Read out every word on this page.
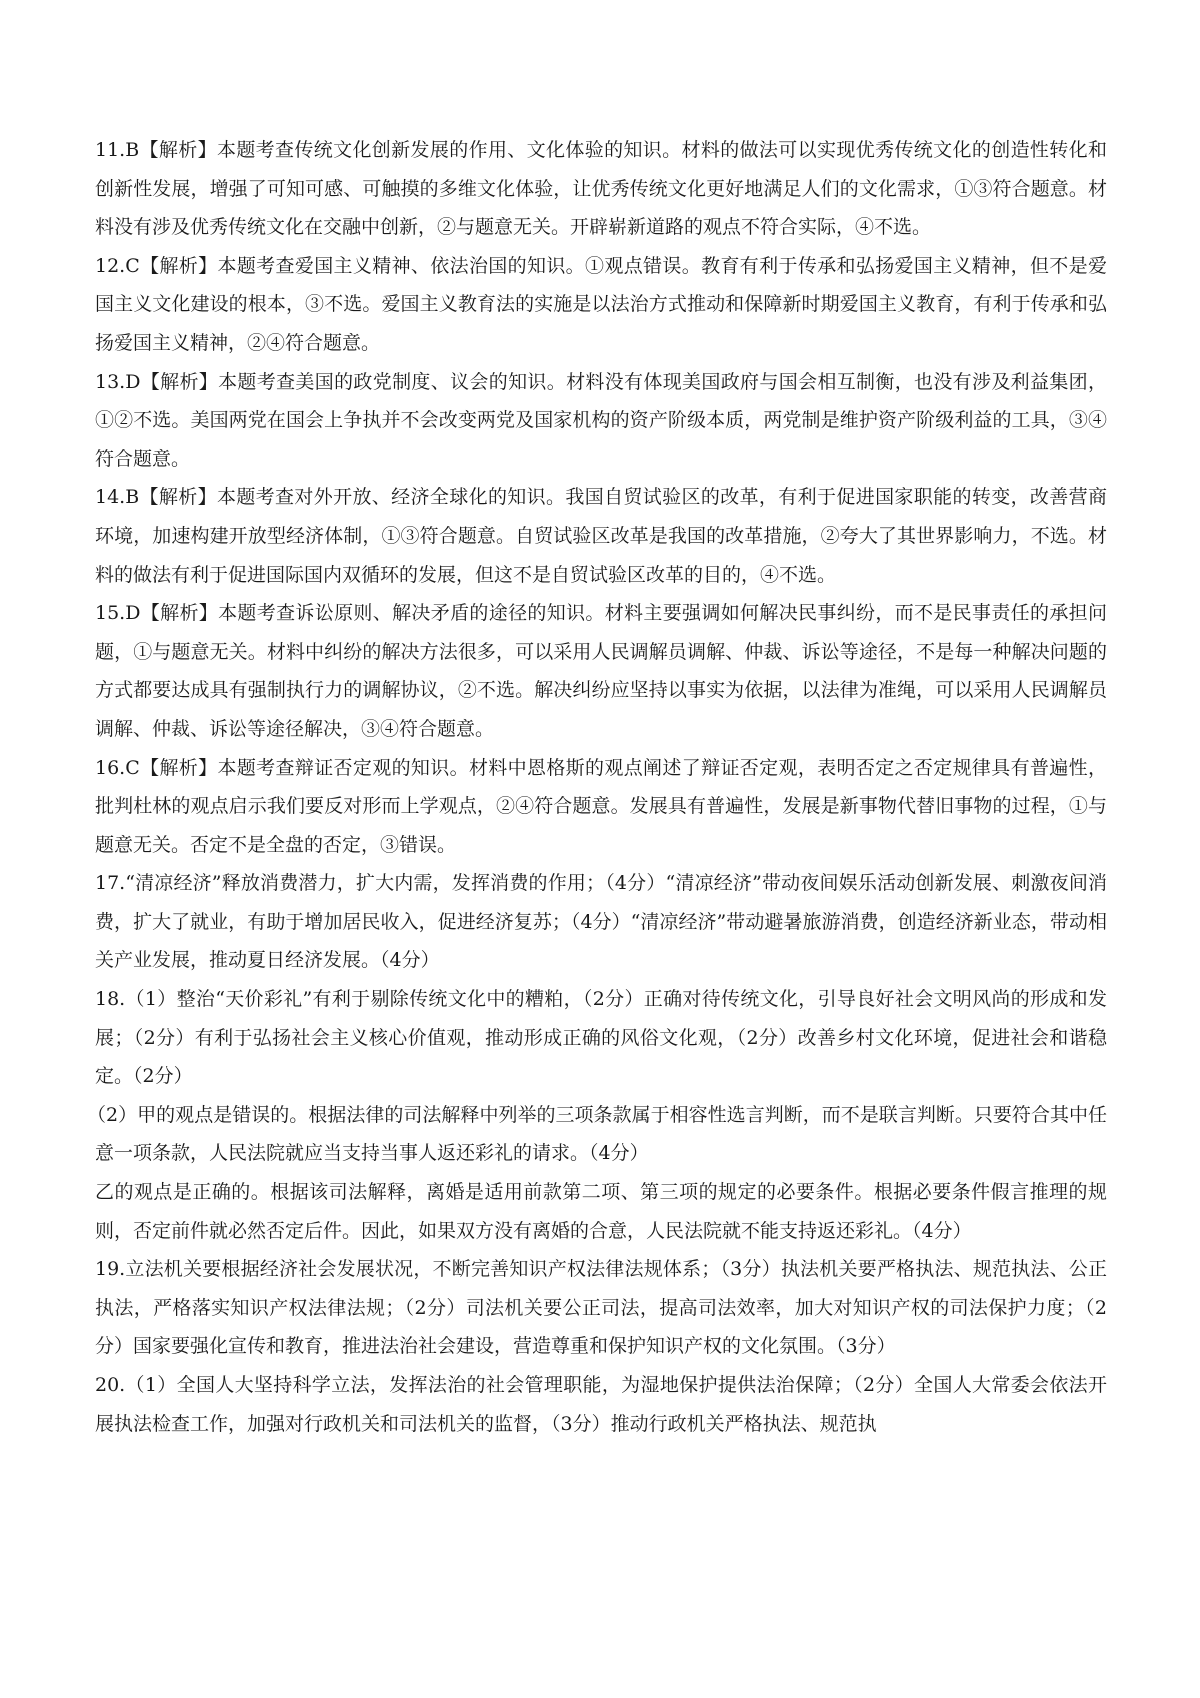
11.B【解析】本题考查传统文化创新发展的作用、文化体验的知识。材料的做法可以实现优秀传统文化的创造性转化和创新性发展，增强了可知可感、可触摸的多维文化体验，让优秀传统文化更好地满足人们的文化需求，①③符合题意。材料没有涉及优秀传统文化在交融中创新，②与题意无关。开辟崭新道路的观点不符合实际，④不选。

12.C【解析】本题考查爱国主义精神、依法治国的知识。①观点错误。教育有利于传承和弘扬爱国主义精神，但不是爱国主义文化建设的根本，③不选。爱国主义教育法的实施是以法治方式推动和保障新时期爱国主义教育，有利于传承和弘扬爱国主义精神，②④符合题意。

13.D【解析】本题考查美国的政党制度、议会的知识。材料没有体现美国政府与国会相互制衡，也没有涉及利益集团，①②不选。美国两党在国会上争执并不会改变两党及国家机构的资产阶级本质，两党制是维护资产阶级利益的工具，③④符合题意。

14.B【解析】本题考查对外开放、经济全球化的知识。我国自贸试验区的改革，有利于促进国家职能的转变，改善营商环境，加速构建开放型经济体制，①③符合题意。自贸试验区改革是我国的改革措施，②夸大了其世界影响力，不选。材料的做法有利于促进国际国内双循环的发展，但这不是自贸试验区改革的目的，④不选。

15.D【解析】本题考查诉讼原则、解决矛盾的途径的知识。材料主要强调如何解决民事纠纷，而不是民事责任的承担问题，①与题意无关。材料中纠纷的解决方法很多，可以采用人民调解员调解、仲裁、诉讼等途径，不是每一种解决问题的方式都要达成具有强制执行力的调解协议，②不选。解决纠纷应坚持以事实为依据，以法律为准绳，可以采用人民调解员调解、仲裁、诉讼等途径解决，③④符合题意。

16.C【解析】本题考查辩证否定观的知识。材料中恩格斯的观点阐述了辩证否定观，表明否定之否定规律具有普遍性，批判杜林的观点启示我们要反对形而上学观点，②④符合题意。发展具有普遍性，发展是新事物代替旧事物的过程，①与题意无关。否定不是全盘的否定，③错误。

17.“清凉经济”释放消费潜力，扩大内需，发挥消费的作用；（4分）“清凉经济”带动夜间娱乐活动创新发展、刺激夜间消费，扩大了就业，有助于增加居民收入，促进经济复苏；（4分）“清凉经济”带动避暑旅游消费，创造经济新业态，带动相关产业发展，推动夏日经济发展。（4分）

18.（1）整治“天价彩礼”有利于剔除传统文化中的糟粕，（2分）正确对待传统文化，引导良好社会文明风尚的形成和发展；（2分）有利于弘扬社会主义核心价值观，推动形成正确的风俗文化观，（2分）改善乡村文化环境，促进社会和谐稳定。（2分）

（2）甲的观点是错误的。根据法律的司法解释中列举的三项条款属于相容性选言判断，而不是联言判断。只要符合其中任意一项条款，人民法院就应当支持当事人返还彩礼的请求。（4分）

乙的观点是正确的。根据该司法解释，离婚是适用前款第二项、第三项的规定的必要条件。根据必要条件假言推理的规则，否定前件就必然否定后件。因此，如果双方没有离婚的合意，人民法院就不能支持返还彩礼。（4分）

19.立法机关要根据经济社会发展状况，不断完善知识产权法律法规体系；（3分）执法机关要严格执法、规范执法、公正执法，严格落实知识产权法律法规；（2分）司法机关要公正司法，提高司法效率，加大对知识产权的司法保护力度；（2分）国家要强化宣传和教育，推进法治社会建设，营造尊重和保护知识产权的文化氛围。（3分）

20.（1）全国人大坚持科学立法，发挥法治的社会管理职能，为湿地保护提供法治保障；（2分）全国人大常委会依法开展执法检查工作，加强对行政机关和司法机关的监督，（3分）推动行政机关严格执法、规范执
